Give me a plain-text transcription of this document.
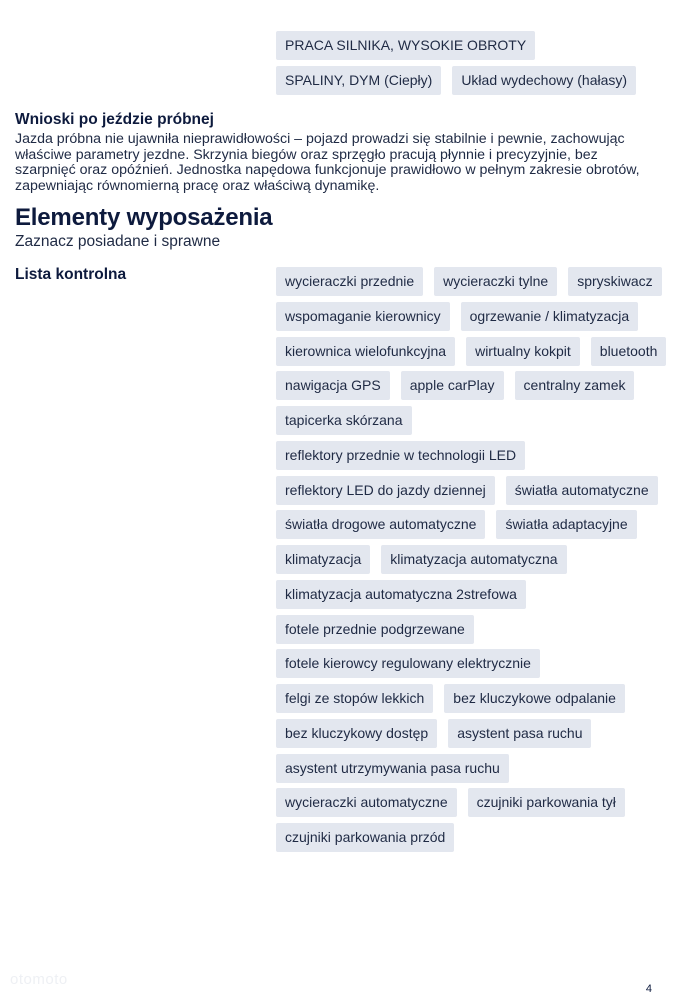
PRACA SILNIKA, WYSOKIE OBROTY
SPALINY, DYM (Ciepły)	Układ wydechowy (hałasy)
Wnioski po jeździe próbnej

Jazda próbna nie ujawniła nieprawidłowości – pojazd prowadzi się stabilnie i pewnie, zachowując właściwe parametry jezdne. Skrzynia biegów oraz sprzęgło pracują płynnie i precyzyjnie, bez szarpnięć oraz opóźnień. Jednostka napędowa funkcjonuje prawidłowo w pełnym zakresie obrotów, zapewniając równomierną pracę oraz właściwą dynamikę.

Elementy wyposażenia
Zaznacz posiadane i sprawne
Lista kontrolna	wycieraczki przednie	wycieraczki tylne	spryskiwacz
wspomaganie kierownicy	ogrzewanie / klimatyzacja
kierownica wielofunkcyjna	wirtualny kokpit	bluetooth
nawigacja GPS	apple carPlay	centralny zamek
tapicerka skórzana
reflektory przednie w technologii LED
reflektory LED do jazdy dziennej	światła automatyczne
światła drogowe automatyczne	światła adaptacyjne
klimatyzacja	klimatyzacja automatyczna
klimatyzacja automatyczna 2strefowa
fotele przednie podgrzewane
fotele kierowcy regulowany elektrycznie
felgi ze stopów lekkich	bez kluczykowe odpalanie
bez kluczykowy dostęp	asystent pasa ruchu
asystent utrzymywania pasa ruchu
wycieraczki automatyczne	czujniki parkowania tył
czujniki parkowania przód
otomoto
4
